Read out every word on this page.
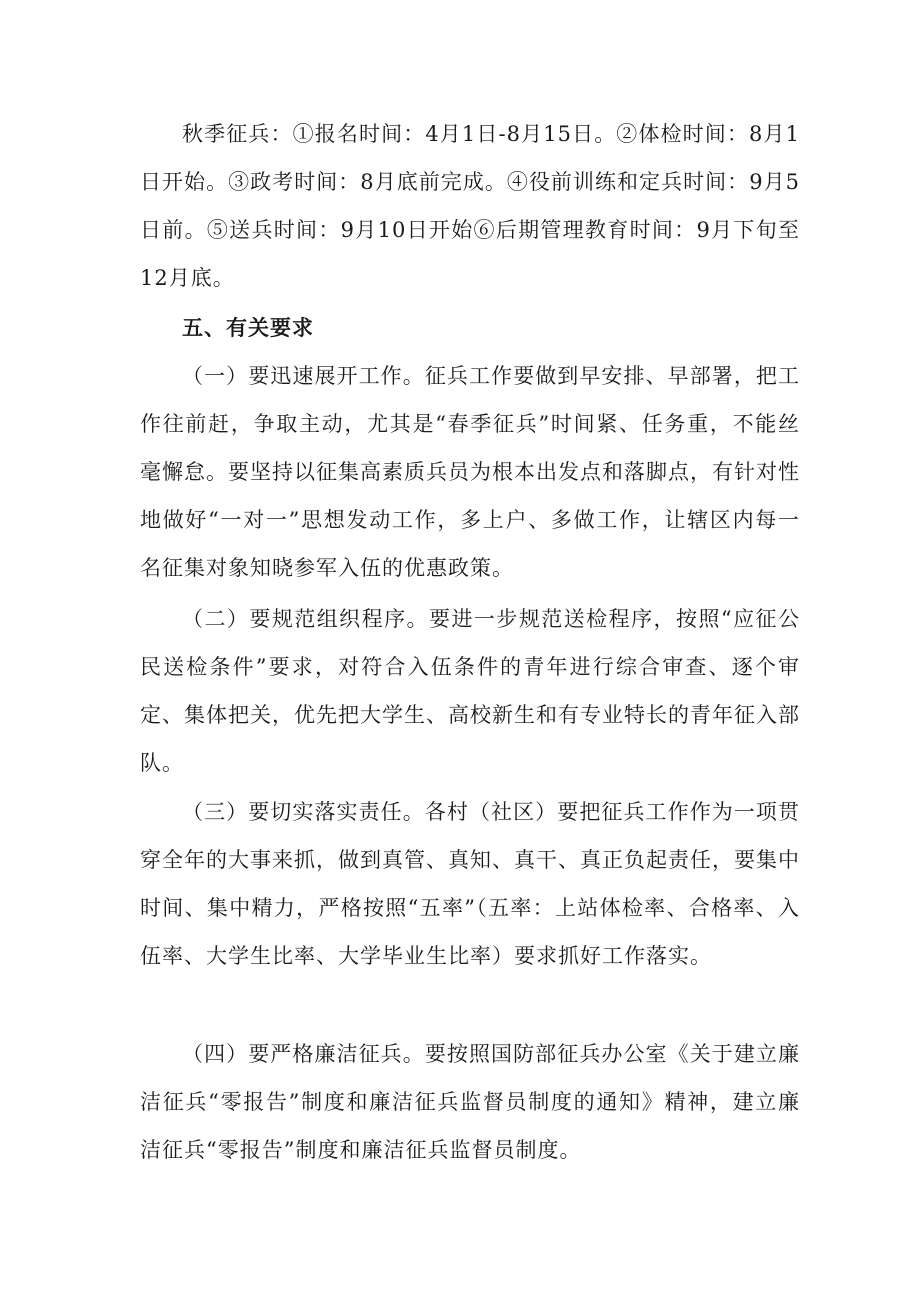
秋季征兵：①报名时间：4月1日-8月15日。②体检时间：8月1日开始。③政考时间：8月底前完成。④役前训练和定兵时间：9月5日前。⑤送兵时间：9月10日开始⑥后期管理教育时间：9月下旬至12月底。

五、有关要求

（一）要迅速展开工作。征兵工作要做到早安排、早部署，把工作往前赶，争取主动，尤其是“春季征兵”时间紧、任务重，不能丝毫懈怠。要坚持以征集高素质兵员为根本出发点和落脚点，有针对性地做好“一对一”思想发动工作，多上户、多做工作，让辖区内每一名征集对象知晓参军入伍的优惠政策。

（二）要规范组织程序。要进一步规范送检程序，按照“应征公民送检条件”要求，对符合入伍条件的青年进行综合审查、逐个审定、集体把关，优先把大学生、高校新生和有专业特长的青年征入部队。

（三）要切实落实责任。各村（社区）要把征兵工作作为一项贯穿全年的大事来抓，做到真管、真知、真干、真正负起责任，要集中时间、集中精力，严格按照“五率”（五率：上站体检率、合格率、入伍率、大学生比率、大学毕业生比率）要求抓好工作落实。

（四）要严格廉洁征兵。要按照国防部征兵办公室《关于建立廉洁征兵“零报告”制度和廉洁征兵监督员制度的通知》精神，建立廉洁征兵“零报告”制度和廉洁征兵监督员制度。
